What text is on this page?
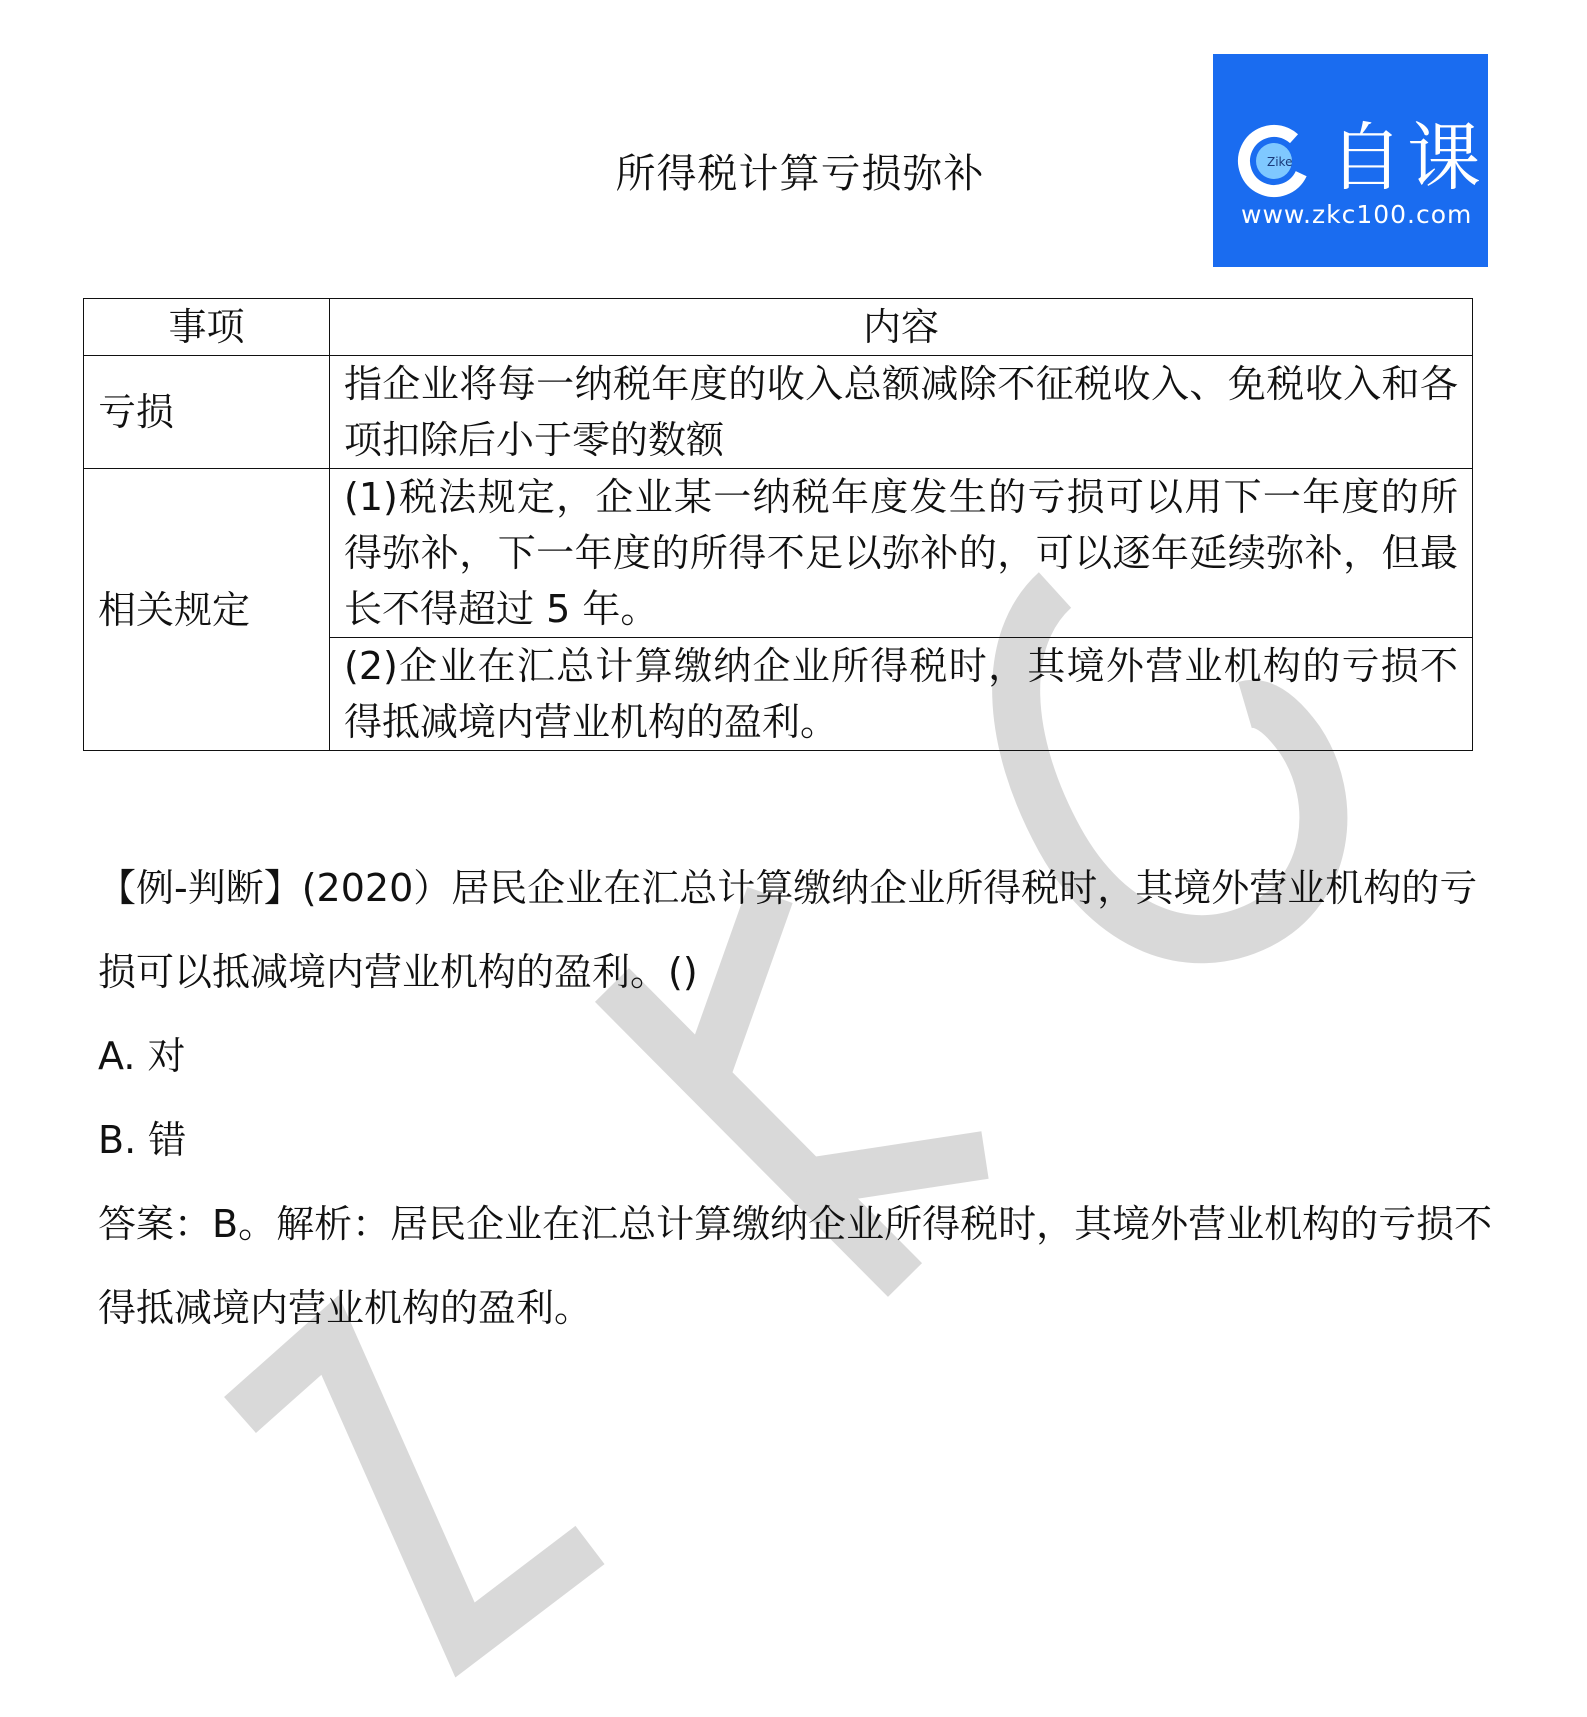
所得税计算亏损弥补	Zike 自课
www.zkc100.com
事项	内容
亏损	指企业将每一纳税年度的收入总额减除不征税收入、免税收入和各项扣除后小于零的数额
相关规定	(1)税法规定，企业某一纳税年度发生的亏损可以用下一年度的所得弥补，下一年度的所得不足以弥补的，可以逐年延续弥补，但最长不得超过 5 年。
	(2)企业在汇总计算缴纳企业所得税时，其境外营业机构的亏损不得抵减境内营业机构的盈利。

【例-判断】(2020）居民企业在汇总计算缴纳企业所得税时，其境外营业机构的亏损可以抵减境内营业机构的盈利。()

A. 对

B. 错

答案：B。解析：居民企业在汇总计算缴纳企业所得税时，其境外营业机构的亏损不得抵减境内营业机构的盈利。
